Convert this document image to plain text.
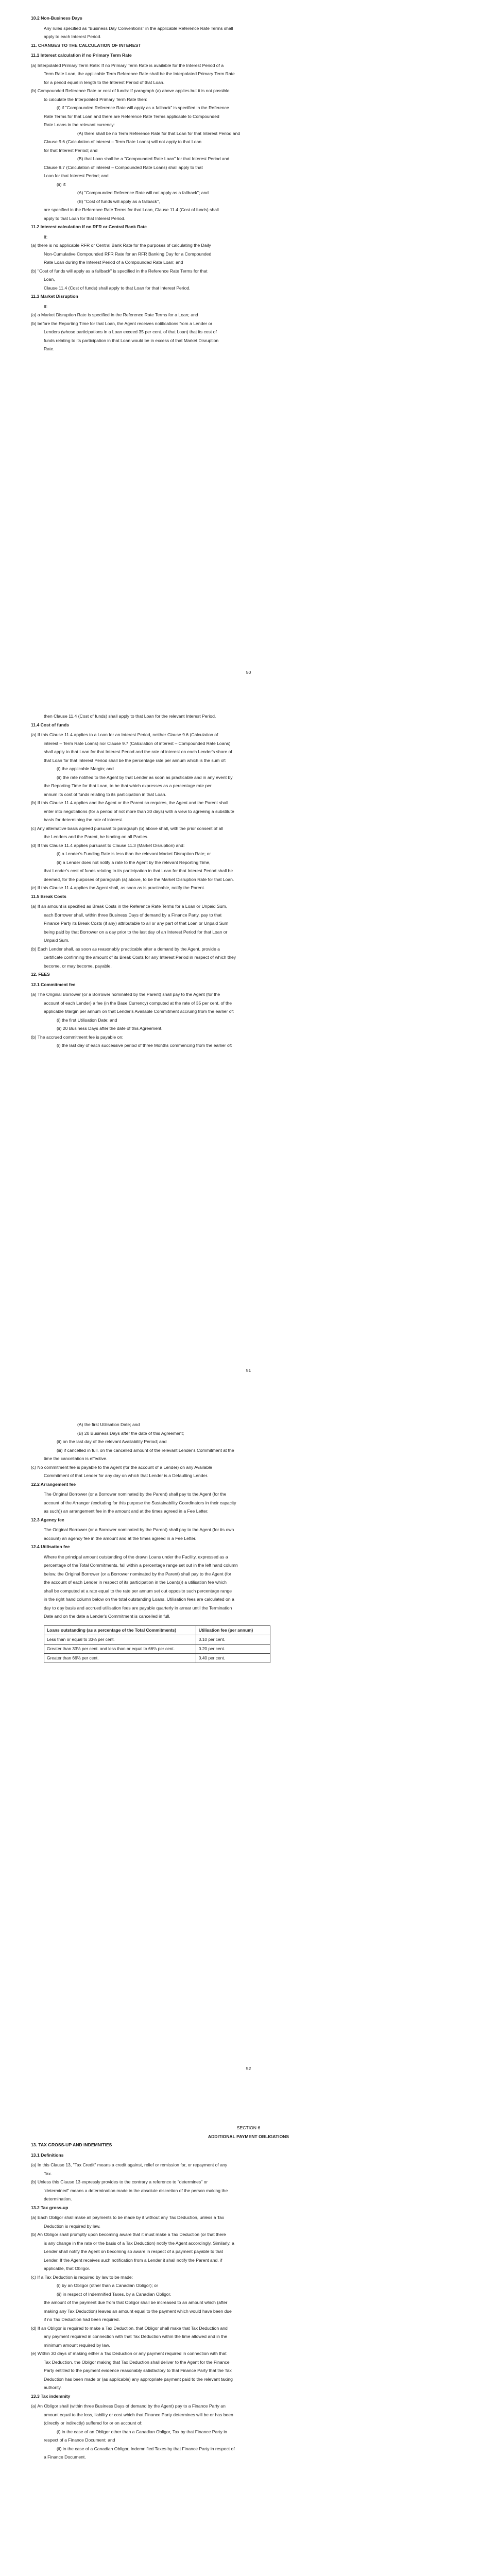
10.2 Non-Business Days
Any rules specified as "Business Day Conventions" in the applicable Reference Rate Terms shall
apply to each Interest Period.
11. CHANGES TO THE CALCULATION OF INTEREST
11.1 Interest calculation if no Primary Term Rate
(a) Interpolated Primary Term Rate: If no Primary Term Rate is available for the Interest Period of a
Term Rate Loan, the applicable Term Reference Rate shall be the Interpolated Primary Term Rate
for a period equal in length to the Interest Period of that Loan.
(b) Compounded Reference Rate or cost of funds: If paragraph (a) above applies but it is not possible
to calculate the Interpolated Primary Term Rate then:
(i) if "Compounded Reference Rate will apply as a fallback" is specified in the Reference
Rate Terms for that Loan and there are Reference Rate Terms applicable to Compounded
Rate Loans in the relevant currency:
(A) there shall be no Term Reference Rate for that Loan for that Interest Period and
Clause 9.6 (Calculation of interest – Term Rate Loans) will not apply to that Loan
for that Interest Period; and
(B) that Loan shall be a "Compounded Rate Loan" for that Interest Period and
Clause 9.7 (Calculation of interest – Compounded Rate Loans) shall apply to that
Loan for that Interest Period; and
(ii) if:
(A) "Compounded Reference Rate will not apply as a fallback"; and
(B) "Cost of funds will apply as a fallback",
are specified in the Reference Rate Terms for that Loan, Clause 11.4 (Cost of funds) shall
apply to that Loan for that Interest Period.
11.2 Interest calculation if no RFR or Central Bank Rate
If:
(a) there is no applicable RFR or Central Bank Rate for the purposes of calculating the Daily
Non-Cumulative Compounded RFR Rate for an RFR Banking Day for a Compounded
Rate Loan during the Interest Period of a Compounded Rate Loan; and
(b) "Cost of funds will apply as a fallback" is specified in the Reference Rate Terms for that
Loan,
Clause 11.4 (Cost of funds) shall apply to that Loan for that Interest Period.
11.3 Market Disruption
If:
(a) a Market Disruption Rate is specified in the Reference Rate Terms for a Loan; and
(b) before the Reporting Time for that Loan, the Agent receives notifications from a Lender or
Lenders (whose participations in a Loan exceed 35 per cent. of that Loan) that its cost of
funds relating to its participation in that Loan would be in excess of that Market Disruption
Rate.
50
then Clause 11.4 (Cost of funds) shall apply to that Loan for the relevant Interest Period.
11.4 Cost of funds
(a) If this Clause 11.4 applies to a Loan for an Interest Period, neither Clause 9.6 (Calculation of
interest – Term Rate Loans) nor Clause 9.7 (Calculation of interest – Compounded Rate Loans)
shall apply to that Loan for that Interest Period and the rate of interest on each Lender's share of
that Loan for that Interest Period shall be the percentage rate per annum which is the sum of:
(i) the applicable Margin; and
(ii) the rate notified to the Agent by that Lender as soon as practicable and in any event by
the Reporting Time for that Loan, to be that which expresses as a percentage rate per
annum its cost of funds relating to its participation in that Loan.
(b) If this Clause 11.4 applies and the Agent or the Parent so requires, the Agent and the Parent shall
enter into negotiations (for a period of not more than 30 days) with a view to agreeing a substitute
basis for determining the rate of interest.
(c) Any alternative basis agreed pursuant to paragraph (b) above shall, with the prior consent of all
the Lenders and the Parent, be binding on all Parties.
(d) If this Clause 11.4 applies pursuant to Clause 11.3 (Market Disruption) and:
(i) a Lender's Funding Rate is less than the relevant Market Disruption Rate; or
(ii) a Lender does not notify a rate to the Agent by the relevant Reporting Time,
that Lender's cost of funds relating to its participation in that Loan for that Interest Period shall be
deemed, for the purposes of paragraph (a) above, to be the Market Disruption Rate for that Loan.
(e) If this Clause 11.4 applies the Agent shall, as soon as is practicable, notify the Parent.
11.5 Break Costs
(a) If an amount is specified as Break Costs in the Reference Rate Terms for a Loan or Unpaid Sum,
each Borrower shall, within three Business Days of demand by a Finance Party, pay to that
Finance Party its Break Costs (if any) attributable to all or any part of that Loan or Unpaid Sum
being paid by that Borrower on a day prior to the last day of an Interest Period for that Loan or
Unpaid Sum.
(b) Each Lender shall, as soon as reasonably practicable after a demand by the Agent, provide a
certificate confirming the amount of its Break Costs for any Interest Period in respect of which they
become, or may become, payable.
12. FEES
12.1 Commitment fee
(a) The Original Borrower (or a Borrower nominated by the Parent) shall pay to the Agent (for the
account of each Lender) a fee (in the Base Currency) computed at the rate of 35 per cent. of the
applicable Margin per annum on that Lender's Available Commitment accruing from the earlier of:
(i) the first Utilisation Date; and
(ii) 20 Business Days after the date of this Agreement.
(b) The accrued commitment fee is payable on:
(i) the last day of each successive period of three Months commencing from the earlier of:
51
(A) the first Utilisation Date; and
(B) 20 Business Days after the date of this Agreement;
(ii) on the last day of the relevant Availability Period; and
(iii) if cancelled in full, on the cancelled amount of the relevant Lender's Commitment at the
time the cancellation is effective.
(c) No commitment fee is payable to the Agent (for the account of a Lender) on any Available
Commitment of that Lender for any day on which that Lender is a Defaulting Lender.
12.2 Arrangement fee
The Original Borrower (or a Borrower nominated by the Parent) shall pay to the Agent (for the
account of the Arranger (excluding for this purpose the Sustainability Coordinators in their capacity
as such)) an arrangement fee in the amount and at the times agreed in a Fee Letter.
12.3 Agency fee
The Original Borrower (or a Borrower nominated by the Parent) shall pay to the Agent (for its own
account) an agency fee in the amount and at the times agreed in a Fee Letter.
12.4 Utilisation fee
Where the principal amount outstanding of the drawn Loans under the Facility, expressed as a
percentage of the Total Commitments, fall within a percentage range set out in the left hand column
below, the Original Borrower (or a Borrower nominated by the Parent) shall pay to the Agent (for
the account of each Lender in respect of its participation in the Loan(s)) a utilisation fee which
shall be computed at a rate equal to the rate per annum set out opposite such percentage range
in the right hand column below on the total outstanding Loans. Utilisation fees are calculated on a
day to day basis and accrued utilisation fees are payable quarterly in arrear until the Termination
Date and on the date a Lender's Commitment is cancelled in full.
Loans outstanding (as a percentage of the Total Commitments)	Utilisation fee (per annum)
Less than or equal to 33⅓ per cent.	0.10 per cent.
Greater than 33⅓ per cent. and less than or equal to 66⅔ per cent.	0.20 per cent.
Greater than 66⅔ per cent.	0.40 per cent.
52
SECTION 6
ADDITIONAL PAYMENT OBLIGATIONS
13. TAX GROSS-UP AND INDEMNITIES
13.1 Definitions
(a) In this Clause 13, "Tax Credit" means a credit against, relief or remission for, or repayment of any
Tax.
(b) Unless this Clause 13 expressly provides to the contrary a reference to "determines" or
"determined" means a determination made in the absolute discretion of the person making the
determination.
13.2 Tax gross-up
(a) Each Obligor shall make all payments to be made by it without any Tax Deduction, unless a Tax
Deduction is required by law.
(b) An Obligor shall promptly upon becoming aware that it must make a Tax Deduction (or that there
is any change in the rate or the basis of a Tax Deduction) notify the Agent accordingly. Similarly, a
Lender shall notify the Agent on becoming so aware in respect of a payment payable to that
Lender. If the Agent receives such notification from a Lender it shall notify the Parent and, if
applicable, that Obligor.
(c) If a Tax Deduction is required by law to be made:
(i) by an Obligor (other than a Canadian Obligor); or
(ii) in respect of Indemnified Taxes, by a Canadian Obligor,
the amount of the payment due from that Obligor shall be increased to an amount which (after
making any Tax Deduction) leaves an amount equal to the payment which would have been due
if no Tax Deduction had been required.
(d) If an Obligor is required to make a Tax Deduction, that Obligor shall make that Tax Deduction and
any payment required in connection with that Tax Deduction within the time allowed and in the
minimum amount required by law.
(e) Within 30 days of making either a Tax Deduction or any payment required in connection with that
Tax Deduction, the Obligor making that Tax Deduction shall deliver to the Agent for the Finance
Party entitled to the payment evidence reasonably satisfactory to that Finance Party that the Tax
Deduction has been made or (as applicable) any appropriate payment paid to the relevant taxing
authority.
13.3 Tax indemnity
(a) An Obligor shall (within three Business Days of demand by the Agent) pay to a Finance Party an
amount equal to the loss, liability or cost which that Finance Party determines will be or has been
(directly or indirectly) suffered for or on account of:
(i) in the case of an Obligor other than a Canadian Obligor, Tax by that Finance Party in
respect of a Finance Document; and
(ii) in the case of a Canadian Obligor, Indemnified Taxes by that Finance Party in respect of
a Finance Document.
